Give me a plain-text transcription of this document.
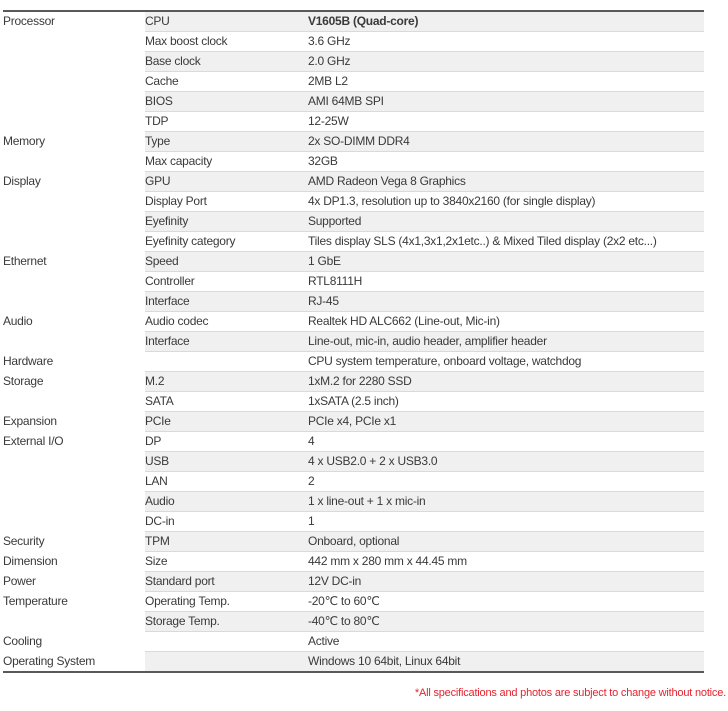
Processor	CPU	V1605B (Quad-core)
	Max boost clock	3.6 GHz
	Base clock	2.0 GHz
	Cache	2MB L2
	BIOS	AMI 64MB SPI
	TDP	12-25W
Memory	Type	2x SO-DIMM DDR4
	Max capacity	32GB
Display	GPU	AMD Radeon Vega 8 Graphics
	Display Port	4x DP1.3, resolution up to 3840x2160 (for single display)
	Eyefinity	Supported
	Eyefinity category	Tiles display SLS (4x1,3x1,2x1etc..) & Mixed Tiled display (2x2 etc...)
Ethernet	Speed	1 GbE
	Controller	RTL8111H
	Interface	RJ-45
Audio	Audio codec	Realtek HD ALC662 (Line-out, Mic-in)
	Interface	Line-out, mic-in, audio header, amplifier header
Hardware		CPU system temperature, onboard voltage, watchdog
Storage	M.2	1xM.2 for 2280 SSD
	SATA	1xSATA (2.5 inch)
Expansion	PCIe	PCIe x4, PCIe x1
External I/O	DP	4
	USB	4 x USB2.0 + 2 x USB3.0
	LAN	2
	Audio	1 x line-out + 1 x mic-in
	DC-in	1
Security	TPM	Onboard, optional
Dimension	Size	442 mm x 280 mm x 44.45 mm
Power	Standard port	12V DC-in
Temperature	Operating Temp.	-20℃ to 60℃
	Storage Temp.	-40℃ to 80℃
Cooling		Active
Operating System		Windows 10 64bit, Linux 64bit
*All specifications and photos are subject to change without notice.
